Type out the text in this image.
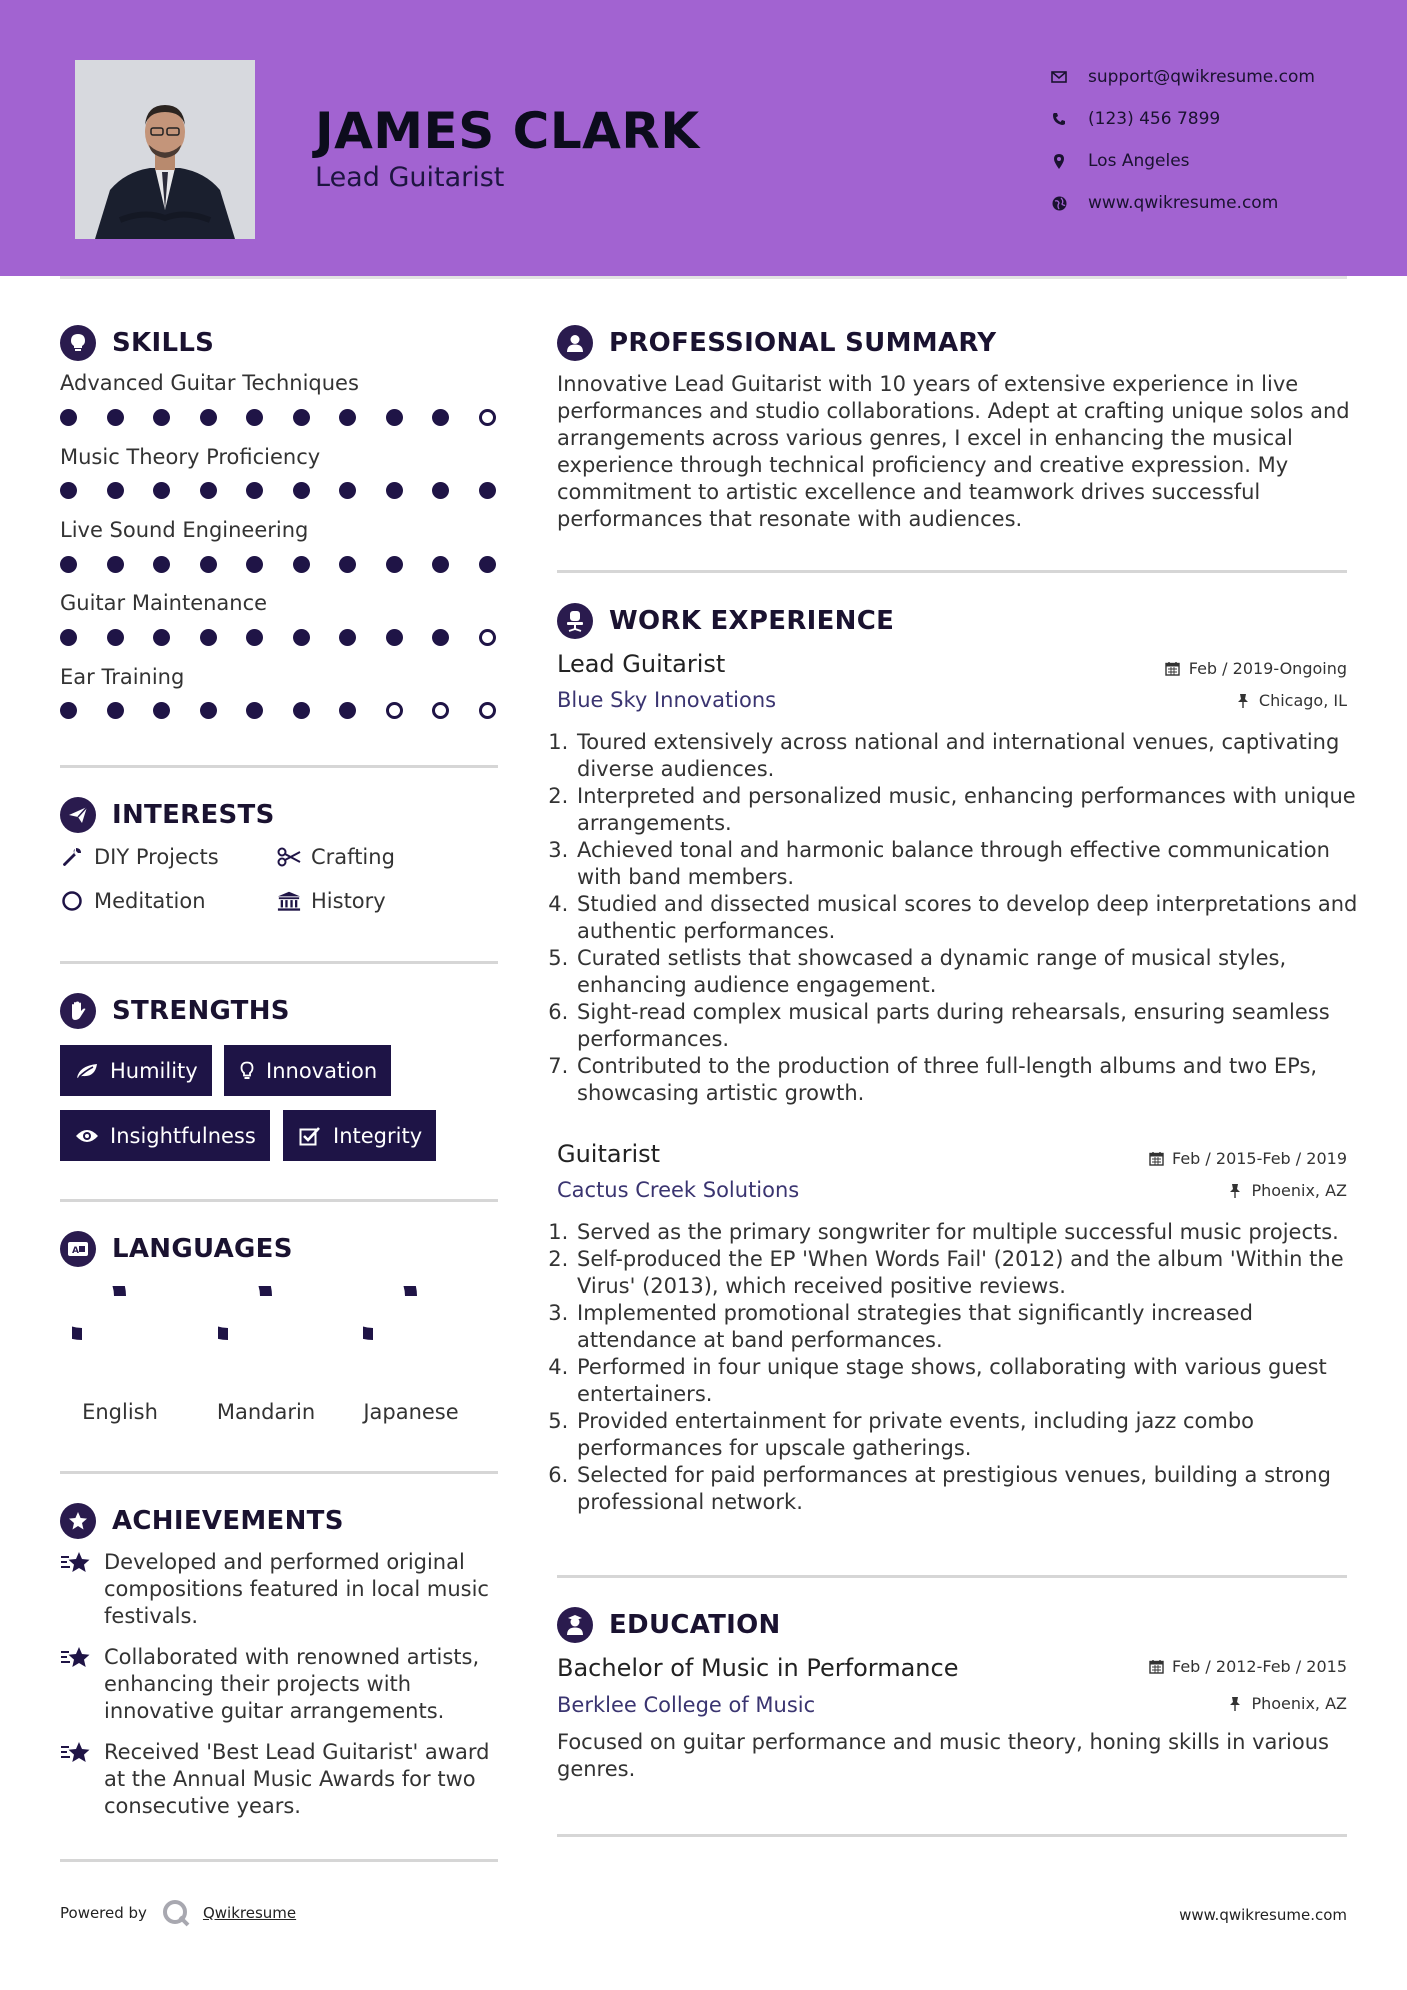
JAMES CLARK
Lead Guitarist
support@qwikresume.com
(123) 456 7899
Los Angeles
www.qwikresume.com
SKILLS
Advanced Guitar Techniques
Music Theory Proficiency
Live Sound Engineering
Guitar Maintenance
Ear Training
INTERESTS
DIY Projects	Crafting
Meditation	History
STRENGTHS
Humility	Innovation
Insightfulness	Integrity
A LANGUAGES
English	Mandarin	Japanese
ACHIEVEMENTS
Developed and performed original compositions featured in local music festivals.
Collaborated with renowned artists, enhancing their projects with innovative guitar arrangements.
Received 'Best Lead Guitarist' award at the Annual Music Awards for two consecutive years.
PROFESSIONAL SUMMARY
Innovative Lead Guitarist with 10 years of extensive experience in live performances and studio collaborations. Adept at crafting unique solos and arrangements across various genres, I excel in enhancing the musical experience through technical proficiency and creative expression. My commitment to artistic excellence and teamwork drives successful performances that resonate with audiences.
WORK EXPERIENCE
Lead Guitarist	Feb / 2019-Ongoing
Blue Sky Innovations	Chicago, IL
1. Toured extensively across national and international venues, captivating diverse audiences.
2. Interpreted and personalized music, enhancing performances with unique arrangements.
3. Achieved tonal and harmonic balance through effective communication with band members.
4. Studied and dissected musical scores to develop deep interpretations and authentic performances.
5. Curated setlists that showcased a dynamic range of musical styles, enhancing audience engagement.
6. Sight-read complex musical parts during rehearsals, ensuring seamless performances.
7. Contributed to the production of three full-length albums and two EPs, showcasing artistic growth.
Guitarist	Feb / 2015-Feb / 2019
Cactus Creek Solutions	Phoenix, AZ
1. Served as the primary songwriter for multiple successful music projects.
2. Self-produced the EP 'When Words Fail' (2012) and the album 'Within the Virus' (2013), which received positive reviews.
3. Implemented promotional strategies that significantly increased attendance at band performances.
4. Performed in four unique stage shows, collaborating with various guest entertainers.
5. Provided entertainment for private events, including jazz combo performances for upscale gatherings.
6. Selected for paid performances at prestigious venues, building a strong professional network.
EDUCATION
Bachelor of Music in Performance	Feb / 2012-Feb / 2015
Berklee College of Music	Phoenix, AZ
Focused on guitar performance and music theory, honing skills in various genres.
Powered by	Qwikresume	www.qwikresume.com
